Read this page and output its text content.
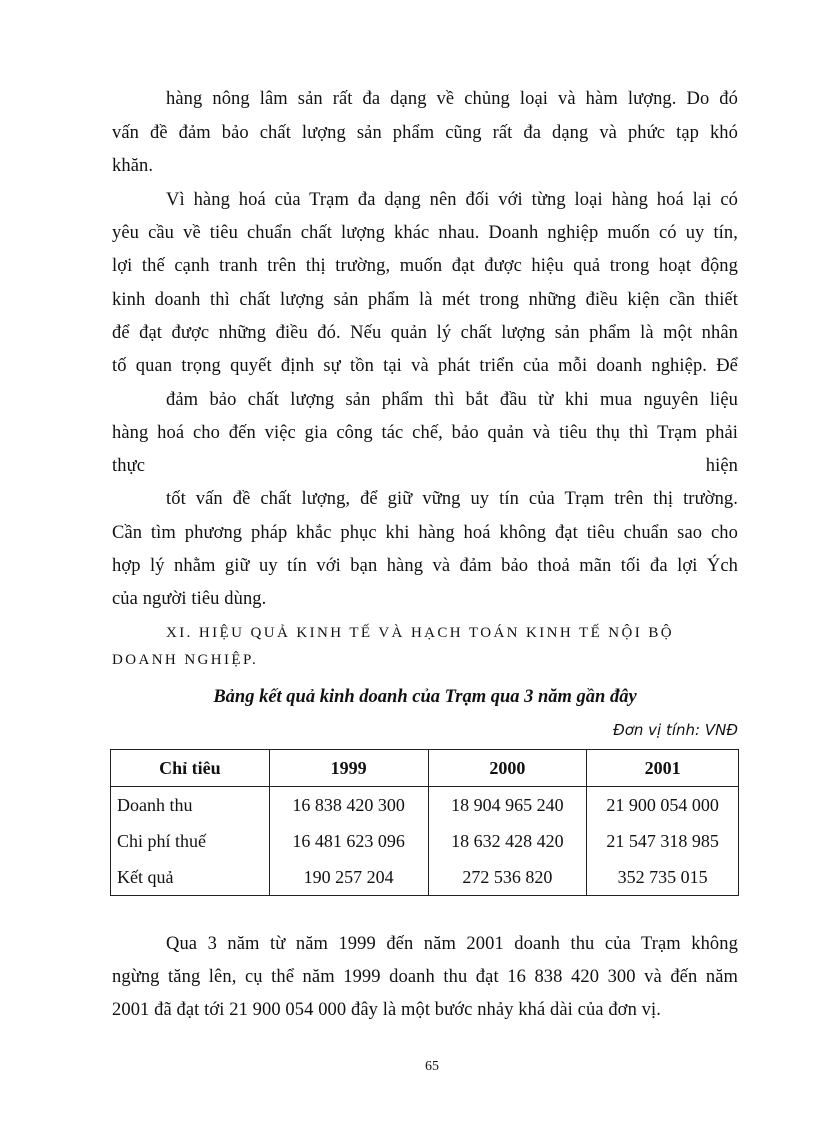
hàng nông lâm sản rất đa dạng về chủng loại và hàm lượng. Do đó
vấn đề đảm bảo chất lượng sản phẩm cũng rất đa dạng và phức tạp khó
khăn.
Vì hàng hoá của Trạm đa dạng nên đối với từng loại hàng hoá lại có
yêu cầu về tiêu chuẩn chất lượng khác nhau. Doanh nghiệp muốn có uy tín,
lợi thế cạnh tranh trên thị trường, muốn đạt được hiệu quả trong hoạt động
kinh doanh thì chất lượng sản phẩm là mét trong những điều kiện cần thiết
để đạt được những điều đó. Nếu quản lý chất lượng sản phẩm là một nhân
tố quan trọng quyết định sự tồn tại và phát triển của mỗi doanh nghiệp. Để
đảm bảo chất lượng sản phẩm thì bắt đầu từ khi mua nguyên liệu
hàng hoá cho đến việc gia công tác chế, bảo quản và tiêu thụ thì Trạm phải
thực	hiện
tốt vấn đề chất lượng, để giữ vững uy tín của Trạm trên thị trường.
Cần tìm phương pháp khắc phục khi hàng hoá không đạt tiêu chuẩn sao cho
hợp lý nhằm giữ uy tín với bạn hàng và đảm bảo thoả mãn tối đa lợi Ých
của người tiêu dùng.
XI. HIỆU QUẢ KINH TẾ VÀ HẠCH TOÁN KINH TẾ NỘI BỘ
DOANH NGHIỆP.
Bảng kết quả kinh doanh của Trạm qua 3 năm gần đây
Đơn vị tính: VNĐ
Chỉ tiêu	1999	2000	2001
Doanh thu	16 838 420 300	18 904 965 240	21 900 054 000
Chi phí thuế	16 481 623 096	18 632 428 420	21 547 318 985
Kết quả	190 257 204	272 536 820	352 735 015
Qua 3 năm từ năm 1999 đến năm 2001 doanh thu của Trạm không
ngừng tăng lên, cụ thể năm 1999 doanh thu đạt 16 838 420 300 và đến năm
2001 đã đạt tới 21 900 054 000 đây là một bước nhảy khá dài của đơn vị.
65
